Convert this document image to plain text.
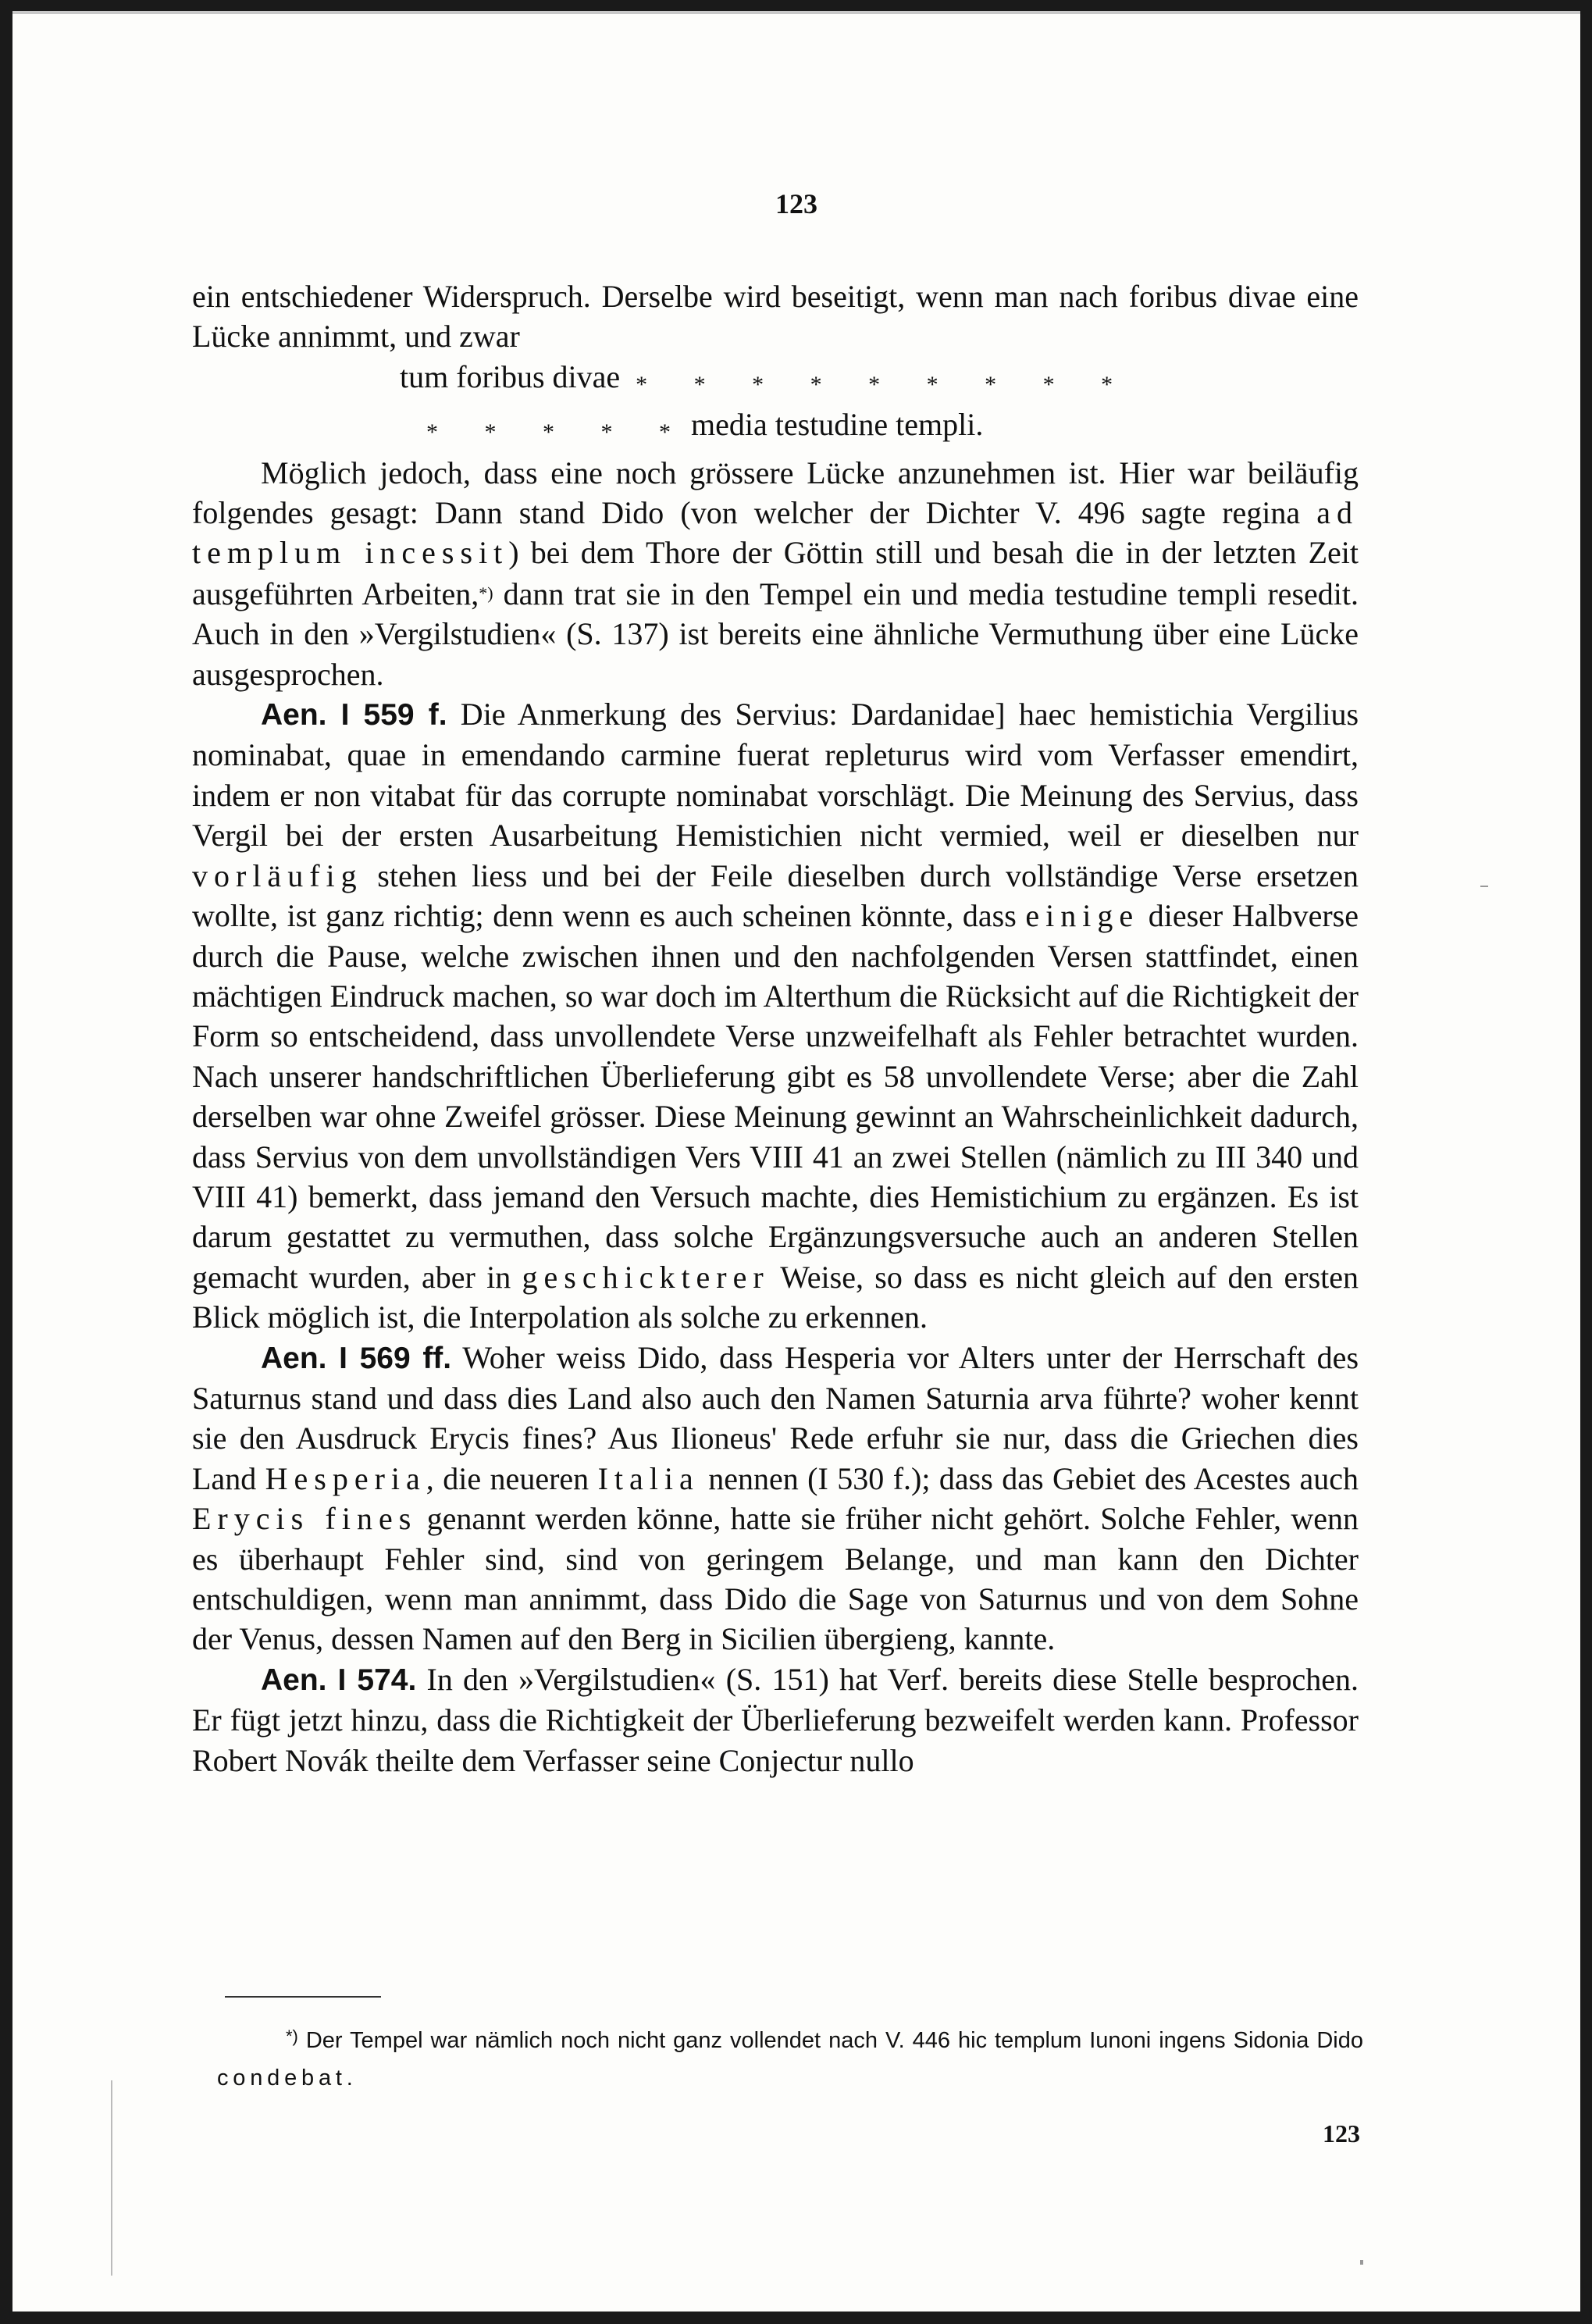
123

ein entschiedener Widerspruch. Derselbe wird beseitigt, wenn man nach foribus divae eine Lücke annimmt, und zwar

tum foribus divae * * * * * * * * *

* * * * *media testudine templi.

Möglich jedoch, dass eine noch grössere Lücke anzunehmen ist. Hier war beiläufig folgendes gesagt: Dann stand Dido (von welcher der Dichter V. 496 sagte regina ad templum incessit) bei dem Thore der Göttin still und besah die in der letzten Zeit ausgeführten Arbeiten,*) dann trat sie in den Tempel ein und media testudine templi resedit. Auch in den »Vergilstudien« (S. 137) ist bereits eine ähnliche Vermuthung über eine Lücke ausgesprochen.

Aen. I 559 f. Die Anmerkung des Servius: Dardanidae] haec hemistichia Vergilius nominabat, quae in emendando carmine fuerat repleturus wird vom Verfasser emendirt, indem er non vitabat für das corrupte nominabat vorschlägt. Die Meinung des Servius, dass Vergil bei der ersten Ausarbeitung Hemistichien nicht vermied, weil er dieselben nur vorläufig stehen liess und bei der Feile dieselben durch vollständige Verse ersetzen wollte, ist ganz richtig; denn wenn es auch scheinen könnte, dass einige dieser Halbverse durch die Pause, welche zwischen ihnen und den nachfolgenden Versen stattfindet, einen mächtigen Eindruck machen, so war doch im Alterthum die Rücksicht auf die Richtigkeit der Form so entscheidend, dass unvollendete Verse unzweifelhaft als Fehler betrachtet wurden. Nach unserer handschriftlichen Überlieferung gibt es 58 unvollendete Verse; aber die Zahl derselben war ohne Zweifel grösser. Diese Meinung gewinnt an Wahrscheinlichkeit dadurch, dass Servius von dem unvollständigen Vers VIII 41 an zwei Stellen (nämlich zu III 340 und VIII 41) bemerkt, dass jemand den Versuch machte, dies Hemistichium zu ergänzen. Es ist darum gestattet zu vermuthen, dass solche Ergänzungsversuche auch an anderen Stellen gemacht wurden, aber in geschickterer Weise, so dass es nicht gleich auf den ersten Blick möglich ist, die Interpolation als solche zu erkennen.

Aen. I 569 ff. Woher weiss Dido, dass Hesperia vor Alters unter der Herrschaft des Saturnus stand und dass dies Land also auch den Namen Saturnia arva führte? woher kennt sie den Ausdruck Erycis fines? Aus Ilioneus' Rede erfuhr sie nur, dass die Griechen dies Land Hesperia, die neueren Italia nennen (I 530 f.); dass das Gebiet des Acestes auch Erycis fines genannt werden könne, hatte sie früher nicht gehört. Solche Fehler, wenn es überhaupt Fehler sind, sind von geringem Belange, und man kann den Dichter entschuldigen, wenn man annimmt, dass Dido die Sage von Saturnus und von dem Sohne der Venus, dessen Namen auf den Berg in Sicilien übergieng, kannte.

Aen. I 574. In den »Vergilstudien« (S. 151) hat Verf. bereits diese Stelle besprochen. Er fügt jetzt hinzu, dass die Richtigkeit der Überlieferung bezweifelt werden kann. Professor Robert Novák theilte dem Verfasser seine Conjectur nullo

*) Der Tempel war nämlich noch nicht ganz vollendet nach V. 446 hic templum Iunoni ingens Sidonia Dido condebat.

123
